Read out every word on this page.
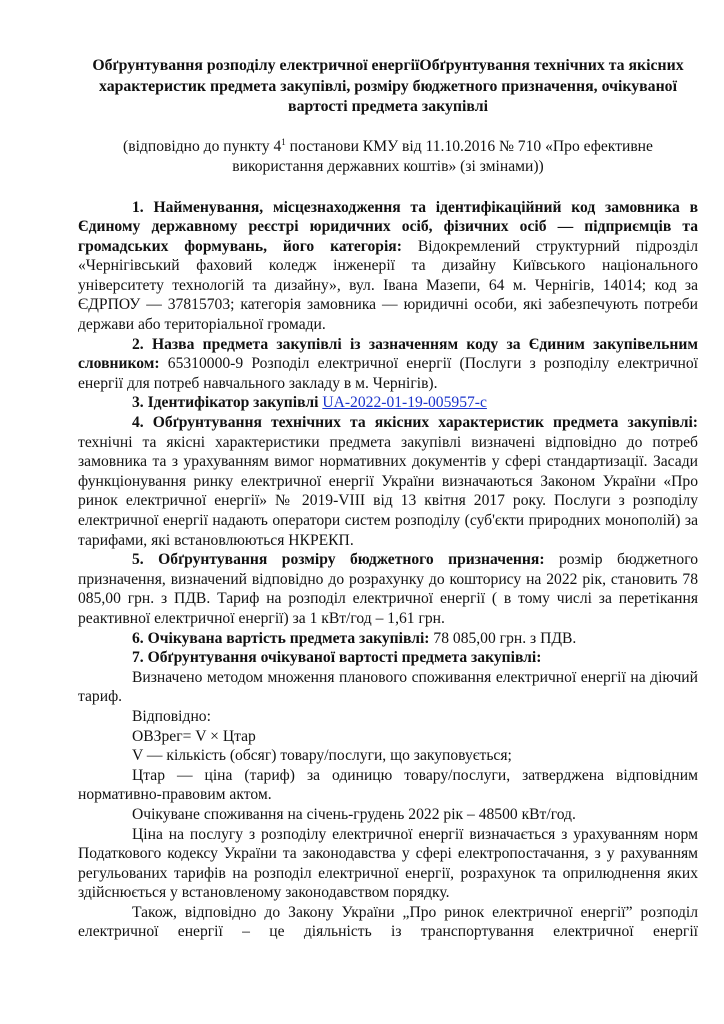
Обґрунтування розподілу електричної енергіїОбґрунтування технічних та якісних характеристик предмета закупівлі, розміру бюджетного призначення, очікуваної вартості предмета закупівлі

(відповідно до пункту $4^1$ постанови КМУ від 11.10.2016 № 710 «Про ефективне використання державних коштів» (зі змінами))

1. Найменування, місцезнаходження та ідентифікаційний код замовника в Єдиному державному реєстрі юридичних осіб, фізичних осіб — підприємців та громадських формувань, його категорія: Відокремлений структурний підрозділ «Чернігівський фаховий коледж інженерії та дизайну Київського національного університету технологій та дизайну», вул. Івана Мазепи, 64 м. Чернігів, 14014; код за ЄДРПОУ — 37815703; категорія замовника — юридичні особи, які забезпечують потреби держави або територіальної громади.

2. Назва предмета закупівлі із зазначенням коду за Єдиним закупівельним словником: 65310000-9 Розподіл електричної енергії (Послуги з розподілу електричної енергії для потреб навчального закладу в м. Чернігів).

3. Ідентифікатор закупівлі UA-2022-01-19-005957-c

4. Обґрунтування технічних та якісних характеристик предмета закупівлі: технічні та якісні характеристики предмета закупівлі визначені відповідно до потреб замовника та з урахуванням вимог нормативних документів у сфері стандартизації. Засади функціонування ринку електричної енергії України визначаються Законом України «Про ринок електричної енергії» № 2019-VIII від 13 квітня 2017 року. Послуги з розподілу електричної енергії надають оператори систем розподілу (суб'єкти природних монополій) за тарифами, які встановлюються НКРЕКП.

5. Обґрунтування розміру бюджетного призначення: розмір бюджетного призначення, визначений відповідно до розрахунку до кошторису на 2022 рік, становить 78 085,00 грн. з ПДВ. Тариф на розподіл електричної енергії ( в тому числі за перетікання реактивної електричної енергії) за 1 кВт/год – 1,61 грн.

6. Очікувана вартість предмета закупівлі: 78 085,00 грн. з ПДВ.

7. Обґрунтування очікуваної вартості предмета закупівлі:

Визначено методом множення планового споживання електричної енергії на діючий тариф.

Відповідно:

ОВЗрег= V × Цтар

V — кількість (обсяг) товару/послуги, що закуповується;

Цтар — ціна (тариф) за одиницю товару/послуги, затверджена відповідним нормативно-правовим актом.

Очікуване споживання на січень-грудень 2022 рік – 48500 кВт/год.

Ціна на послугу з розподілу електричної енергії визначається з урахуванням норм Податкового кодексу України та законодавства у сфері електропостачання, з у рахуванням регульованих тарифів на розподіл електричної енергії, розрахунок та оприлюднення яких здійснюється у встановленому законодавством порядку.

Також, відповідно до Закону України „Про ринок електричної енергії” розподіл електричної енергії – це діяльність із транспортування електричної енергії
